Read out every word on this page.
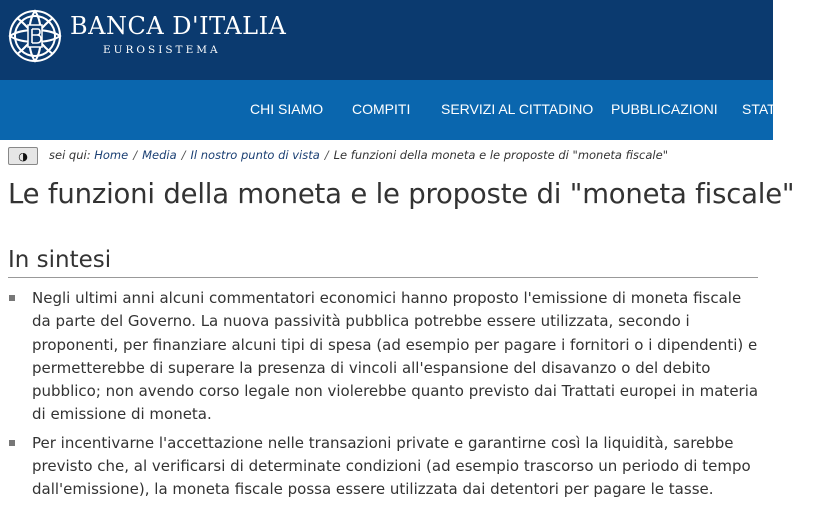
BANCA D'ITALIA
EUROSISTEMA
CHI SIAMO COMPITI SERVIZI AL CITTADINO PUBBLICAZIONI STATISTICHE
◑ sei qui: Home / Media / Il nostro punto di vista / Le funzioni della moneta e le proposte di "moneta fiscale"
Le funzioni della moneta e le proposte di "moneta fiscale"
In sintesi
Negli ultimi anni alcuni commentatori economici hanno proposto l'emissione di moneta fiscale da parte del Governo. La nuova passività pubblica potrebbe essere utilizzata, secondo i proponenti, per finanziare alcuni tipi di spesa (ad esempio per pagare i fornitori o i dipendenti) e permetterebbe di superare la presenza di vincoli all'espansione del disavanzo o del debito pubblico; non avendo corso legale non violerebbe quanto previsto dai Trattati europei in materia di emissione di moneta.
Per incentivarne l'accettazione nelle transazioni private e garantirne così la liquidità, sarebbe previsto che, al verificarsi di determinate condizioni (ad esempio trascorso un periodo di tempo dall'emissione), la moneta fiscale possa essere utilizzata dai detentori per pagare le tasse.
